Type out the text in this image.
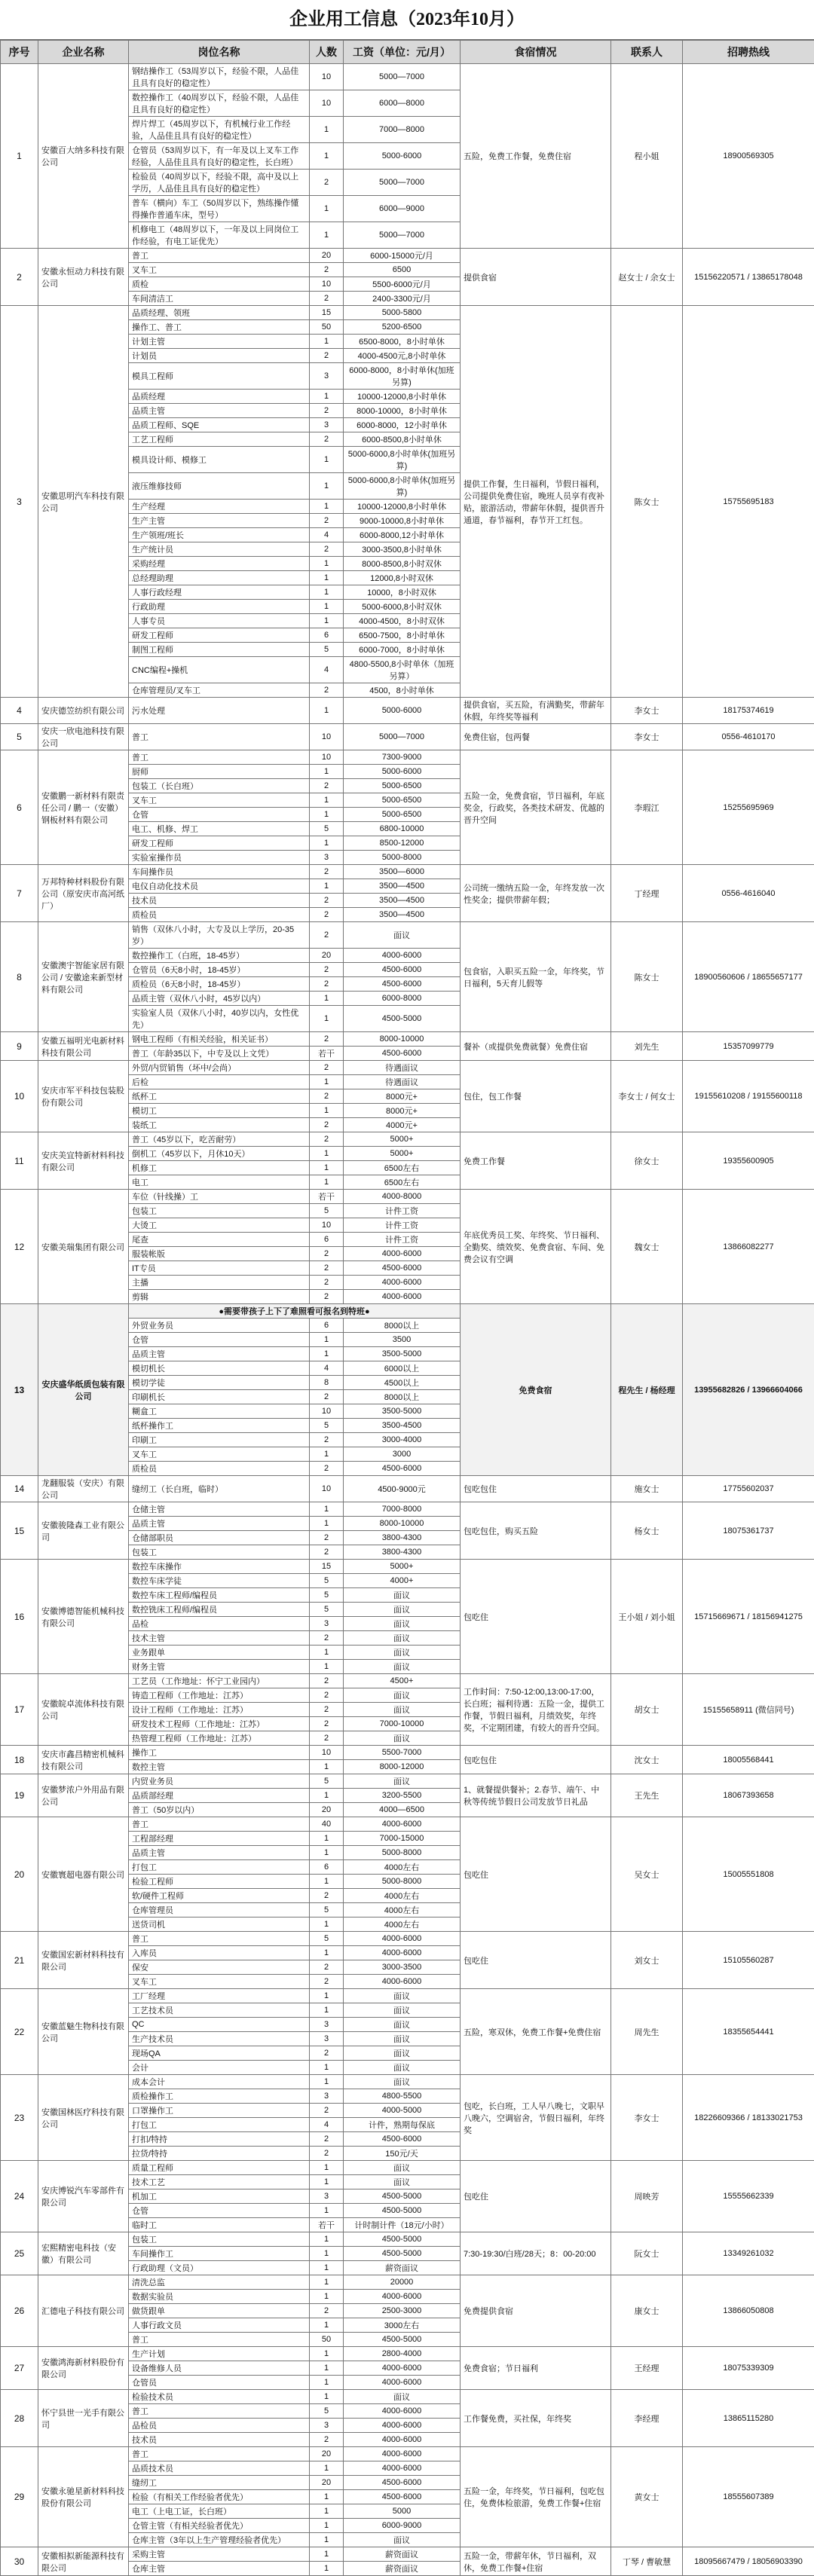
企业用工信息（2023年10月）
序号	企业名称	岗位名称	人数	工资（单位：元/月）	食宿情况	联系人	招聘热线
1	安徽百大纳多科技有限公司	钢结操作工（53周岁以下，经验不限，人品佳且具有良好的稳定性）	10	5000—7000	五险，免费工作餐，免费住宿	程小姐	18900569305
		数控操作工（40周岁以下，经验不限，人品佳且具有良好的稳定性）	10	6000—8000			
		焊片焊工（45周岁以下，有机械行业工作经验，人品佳且具有良好的稳定性）	1	7000—8000			
		仓管员（53周岁以下，有一年及以上叉车工作经验，人品佳且具有良好的稳定性，长白班）	1	5000-6000			
		检验员（40周岁以下，经验不限，高中及以上学历，人品佳且具有良好的稳定性）	2	5000—7000			
		普车（横向）车工（50周岁以下，熟练操作懂得操作普通车床，型号）	1	6000—9000			
		机修电工（48周岁以下，一年及以上同岗位工作经验，有电工证优先）	1	5000—7000			
2	安徽永恒动力科技有限公司	普工	20	6000-15000元/月	提供食宿	赵女士 / 余女士	15156220571 / 13865178048
		叉车工	2	6500			
		质检	10	5500-6000元/月			
		车间清洁工	2	2400-3300元/月			
3	安徽思明汽车科技有限公司	品质经理、领班	15	5000-5800	提供工作餐，生日福利，节假日福利，公司提供免费住宿，晚班人员享有夜补贴，旅游活动，带薪年休假，提供晋升通道，春节福利，春节开工红包。	陈女士	15755695183
		操作工、普工	50	5200-6500			
		计划主管	1	6500-8000，8小时单休			
		计划员	2	4000-4500元,8小时单休			
		模具工程师	3	6000-8000，8小时单休(加班另算)			
		品质经理	1	10000-12000,8小时单休			
		品质主管	2	8000-10000，8小时单休			
		品质工程师、SQE	3	6000-8000，12小时单休			
		工艺工程师	2	6000-8500,8小时单休			
		模具设计师、模修工	1	5000-6000,8小时单休(加班另算)			
		液压维修技师	1	5000-6000,8小时单休(加班另算)			
		生产经理	1	10000-12000,8小时单休			
		生产主管	2	9000-10000,8小时单休			
		生产领班/班长	4	6000-8000,12小时单休			
		生产统计员	2	3000-3500,8小时单休			
		采购经理	1	8000-8500,8小时双休			
		总经理助理	1	12000,8小时双休			
		人事行政经理	1	10000，8小时双休			
		行政助理	1	5000-6000,8小时双休			
		人事专员	1	4000-4500，8小时双休			
		研发工程师	6	6500-7500，8小时单休			
		制图工程师	5	6000-7000，8小时单休			
		CNC编程+操机	4	4800-5500,8小时单休（加班另算）			
		仓库管理员/叉车工	2	4500，8小时单休			
4	安庆德笠纺织有限公司	污水处理	1	5000-6000	提供食宿，买五险，有满勤奖，带薪年休假，年终奖等福利	李女士	18175374619
5	安庆一欣电池科技有限公司	普工	10	5000—7000	免费住宿，包两餐	李女士	0556-4610170
6	安徽鹏一新材料有限责任公司 / 鹏一（安徽）钢板材料有限公司	普工	10	7300-9000	五险一金，免费食宿，节日福利，年底奖金，行政奖，各类技术研发、优越的晋升空间	李瑕江	15255695969
		厨师	1	5000-6000			
		包装工（长白班）	2	5000-6500			
		叉车工	1	5000-6500			
		仓管	1	5000-6500			
		电工、机修、焊工	5	6800-10000			
		研发工程师	1	8500-12000			
		实验室操作员	3	5000-8000			
7	万邦特种材料股份有限公司（原安庆市高河纸厂）	车间操作员	2	3500—6000	公司统一缴纳五险一金，年终发放一次性奖金；提供带薪年假；	丁经理	0556-4616040
		电仪自动化技术员	1	3500—4500			
		技术员	2	3500—4500			
		质检员	2	3500—4500			
8	安徽澳宇智能家居有限公司 / 安徽途来新型材料有限公司	销售（双休八小时，大专及以上学历，20-35岁）	2	面议	包食宿，入职买五险一金，年终奖，节日福利，5天育儿假等	陈女士	18900560606 / 18655657177
		数控操作工（白班，18-45岁）	20	4000-6000			
		仓管员（6天8小时，18-45岁）	2	4500-6000			
		质检员（6天8小时，18-45岁）	2	4500-6000			
		品质主管（双休八小时，45岁以内）	1	6000-8000			
		实验室人员（双休八小时，40岁以内，女性优先）	1	4500-5000			
9	安徽五福明光电新材料科技有限公司	钢电工程师（有相关经验，相关证书）	2	8000-10000	餐补（或提供免费就餐）免费住宿	刘先生	15357099779
		普工（年龄35以下，中专及以上文凭）	若干	4500-6000			
10	安庆市军平科技包装股份有限公司	外贸/内贸销售（坏中/会尚）	2	待遇面议	包住，包工作餐	李女士 / 何女士	19155610208 / 19155600118
		后检	1	待遇面议			
		纸杯工	2	8000元+			
		模切工	1	8000元+			
		装纸工	2	4000元+			
11	安庆美宜特新材料科技有限公司	普工（45岁以下，吃苦耐劳）	2	5000+	免费工作餐	徐女士	19355600905
		倒机工（45岁以下，月休10天）	1	5000+			
		机修工	1	6500左右			
		电工	1	6500左右			
12	安徽美瑞集团有限公司	车位（针线操）工	若干	4000-8000	年底优秀员工奖、年终奖、节日福利、全勤奖、绩效奖、免费食宿、车间、免费会议有空调	魏女士	13866082277
		包装工	5	计件工资			
		大烫工	10	计件工资			
		尾查	6	计件工资			
		服装帐版	2	4000-6000			
		IT专员	2	4500-6000			
		主播	2	4000-6000			
		剪辑	2	4000-6000			
13	安庆盛华纸质包装有限公司	●需要带孩子上下了难照看可报名到特班●			免费食宿	程先生 / 杨经理	13955682826 / 13966604066
		外贸业务员	6	8000以上			
		仓管	1	3500			
		品质主管	1	3500-5000			
		模切机长	4	6000以上			
		模切学徒	8	4500以上			
		印刷机长	2	8000以上			
		糊盒工	10	3500-5000			
		纸杯操作工	5	3500-4500			
		印刷工	2	3000-4000			
		叉车工	1	3000			
		质检员	2	4500-6000			
14	龙翻服装（安庆）有限公司	缝纫工（长白班，临时）	10	4500-9000元	包吃包住	施女士	17755602037
15	安徽骏隆森工业有限公司	仓储主管	1	7000-8000	包吃包住，购买五险	杨女士	18075361737
		品质主管	1	8000-10000			
		仓储部职员	2	3800-4300			
		包装工	2	3800-4300			
16	安徽博德智能机械科技有限公司	数控车床操作	15	5000+	包吃住	王小姐 / 刘小姐	15715669671 / 18156941275
		数控车床学徒	5	4000+			
		数控车床工程师/编程员	5	面议			
		数控铣床工程师/编程员	5	面议			
		品检	3	面议			
		技术主管	2	面议			
		业务跟单	1	面议			
		财务主管	1	面议			
17	安徽皖卓流体科技有限公司	工艺员（工作地址：怀宁工业园内）	2	4500+	工作时间：7:50-12:00,13:00-17:00，长白班；福利待遇：五险一金，提供工作餐，节假日福利，月绩效奖，年终奖，不定期团建，有较大的晋升空间。	胡女士	15155658911 (微信同号)
		铸造工程师（工作地址：江苏）	2	面议			
		设计工程师（工作地址：江苏）	2	面议			
		研发技术工程师（工作地址：江苏）	2	7000-10000			
		热管理工程师（工作地址：江苏）	2	面议			
18	安庆市鑫昌精密机械科技有限公司	操作工	10	5500-7000	包吃包住	沈女士	18005568441
		数控主管	1	8000-12000			
19	安徽梦浓户外用品有限公司	内贸业务员	5	面议	1、就餐提供餐补；2.春节、端午、中秋等传统节假日公司发放节日礼品	王先生	18067393658
		品质部经理	1	3200-5500			
		普工（50岁以内）	20	4000—6500			
20	安徽寰超电器有限公司	普工	40	4000-6000	包吃住	吴女士	15005551808
		工程部经理	1	7000-15000			
		品质主管	1	5000-8000			
		打包工	6	4000左右			
		检验工程师	1	5000-8000			
		软/硬件工程师	2	4000左右			
		仓库管理员	5	4000左右			
		送货司机	1	4000左右			
21	安徽国宏新材料科技有限公司	普工	5	4000-6000	包吃住	刘女士	15105560287
		入库员	1	4000-6000			
		保安	2	3000-3500			
		叉车工	2	4000-6000			
22	安徽蓝魅生物科技有限公司	工厂经理	1	面议	五险，寒双休，免费工作餐+免费住宿	周先生	18355654441
		工艺技术员	1	面议			
		QC	3	面议			
		生产技术员	3	面议			
		现场QA	2	面议			
		会计	1	面议			
23	安徽国林医疗科技有限公司	成本会计	1	面议	包吃，长白班，工人早八晚七，文职早八晚六，空调宿舍，节假日福利，年终奖	李女士	18226609366 / 18133021753
		质检操作工	3	4800-5500			
		口罩操作工	2	4000-5000			
		打包工	4	计件，熟期每保底			
		打扣/特持	2	4500-6000			
		拉货/特持	2	150元/天			
24	安庆博锐汽车零部件有限公司	质量工程师	1	面议	包吃住	周映芳	15555662339
		技术工艺	1	面议			
		机加工	3	4500-5000			
		仓管	1	4500-5000			
		临时工	若干	计时制计件（18元/小时）			
25	宏熙精密电科技（安徽）有限公司	包装工	1	4500-5000	7:30-19:30/白班/28天；8：00-20:00	阮女士	13349261032
		车间操作工	1	4500-5000			
		行政助理（文员）	1	薪资面议			
26	汇德电子科技有限公司	清洗总监	1	20000	免费提供食宿	康女士	13866050808
		数据实验员	1	4000-6000			
		做货跟单	2	2500-3000			
		人事行政文员	1	3000左右			
		普工	50	4500-5000			
27	安徽鸿海新材料股份有限公司	生产计划	1	2800-4000	免费食宿；节日福利	王经理	18075339309
		设备维修人员	1	4000-6000			
		仓管员	1	4000-6000			
28	怀宁县世一光手有限公司	检验技术员	1	面议	工作餐免费，买社保，年终奖	李经理	13865115280
		普工	5	4000-6000			
		品检员	3	4000-6000			
		技术员	2	4000-6000			
29	安徽永驰星新材料科技股份有限公司	普工	20	4000-6000	五险一金，年终奖，节日福利，包吃包住，免费体检旅游，免费工作餐+住宿	黄女士	18555607389
		品质技术员	1	4000-6000			
		缝纫工	20	4500-6000			
		检验（有相关工作经验者优先）	1	4500-6000			
		电工（上电工证，长白班）	1	5000			
		仓管主管（有相关经验者优先）	1	6000-9000			
		仓库主管（3年以上生产管理经验者优先）	1	面议			
30	安徽相拟新能源科技有限公司	采购主管	1	薪资面议	五险一金，带薪年休，节日福利，双休，免费工作餐+住宿	丁琴 / 曹敏慧	18095667479 / 18056903390
		仓库主管	1	薪资面议			
